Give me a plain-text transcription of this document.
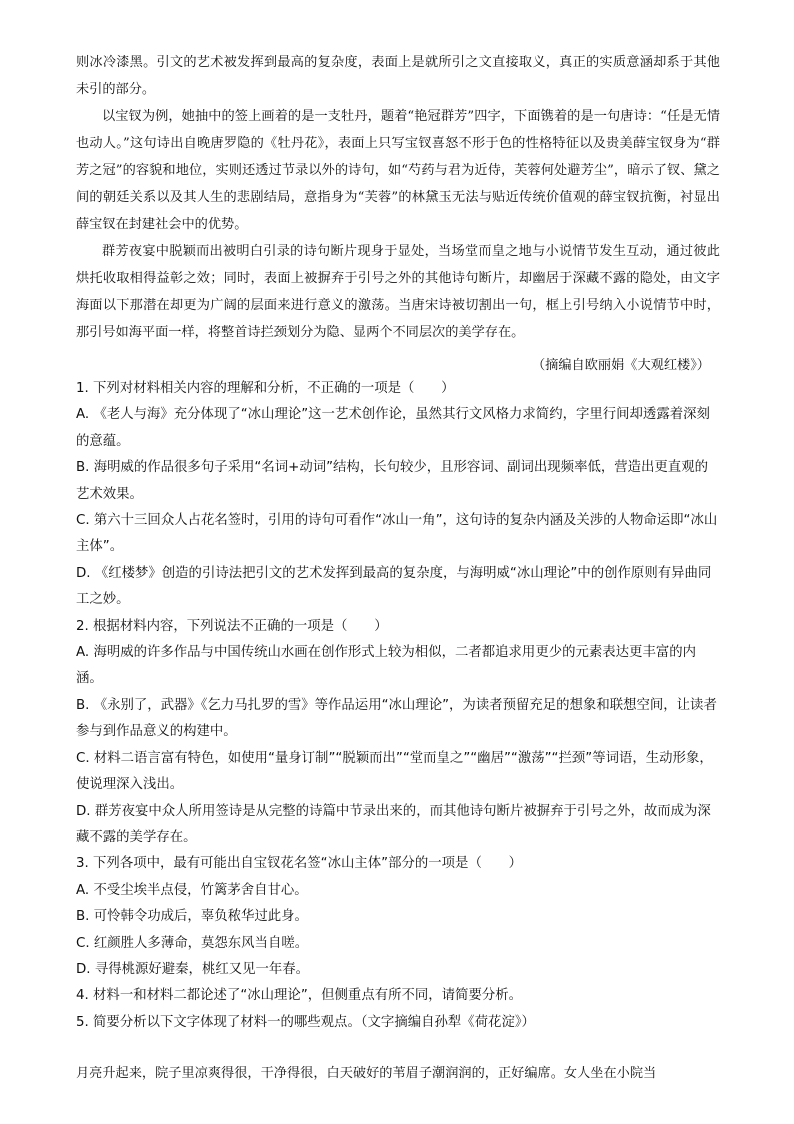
则冰冷漆黑。引文的艺术被发挥到最高的复杂度，表面上是就所引之文直接取义，真正的实质意涵却系于其他未引的部分。

以宝钗为例，她抽中的签上画着的是一支牡丹，题着“艳冠群芳”四字，下面镌着的是一句唐诗：“任是无情也动人。”这句诗出自晚唐罗隐的《牡丹花》，表面上只写宝钗喜怒不形于色的性格特征以及贵美薛宝钗身为“群芳之冠”的容貌和地位，实则还透过节录以外的诗句，如“芍药与君为近侍，芙蓉何处避芳尘”，暗示了钗、黛之间的朝廷关系以及其人生的悲剧结局，意指身为“芙蓉”的林黛玉无法与贴近传统价值观的薛宝钗抗衡，衬显出薛宝钗在封建社会中的优势。

群芳夜宴中脱颖而出被明白引录的诗句断片现身于显处，当场堂而皇之地与小说情节发生互动，通过彼此烘托收取相得益彰之效；同时，表面上被摒弃于引号之外的其他诗句断片，却幽居于深藏不露的隐处，由文字海面以下那潜在却更为广阔的层面来进行意义的激荡。当唐宋诗被切割出一句，框上引号纳入小说情节中时，那引号如海平面一样，将整首诗拦颈划分为隐、显两个不同层次的美学存在。

（摘编自欧丽娟《大观红楼》）

1. 下列对材料相关内容的理解和分析，不正确的一项是（　　）

A. 《老人与海》充分体现了“冰山理论”这一艺术创作论，虽然其行文风格力求简约，字里行间却透露着深刻的意蕴。

B. 海明威的作品很多句子采用“名词+动词”结构，长句较少，且形容词、副词出现频率低，营造出更直观的艺术效果。

C. 第六十三回众人占花名签时，引用的诗句可看作“冰山一角”，这句诗的复杂内涵及关涉的人物命运即“冰山主体”。

D. 《红楼梦》创造的引诗法把引文的艺术发挥到最高的复杂度，与海明威“冰山理论”中的创作原则有异曲同工之妙。

2. 根据材料内容，下列说法不正确的一项是（　　）

A. 海明威的许多作品与中国传统山水画在创作形式上较为相似，二者都追求用更少的元素表达更丰富的内涵。

B. 《永别了，武器》《乞力马扎罗的雪》等作品运用“冰山理论”，为读者预留充足的想象和联想空间，让读者参与到作品意义的构建中。

C. 材料二语言富有特色，如使用“量身订制”“脱颖而出”“堂而皇之”“幽居”“激荡”“拦颈”等词语，生动形象，使说理深入浅出。

D. 群芳夜宴中众人所用签诗是从完整的诗篇中节录出来的，而其他诗句断片被摒弃于引号之外，故而成为深藏不露的美学存在。

3. 下列各项中，最有可能出自宝钗花名签“冰山主体”部分的一项是（　　）

A. 不受尘埃半点侵，竹篱茅舍自甘心。

B. 可怜韩令功成后，辜负秾华过此身。

C. 红颜胜人多薄命，莫怨东风当自嗟。

D. 寻得桃源好避秦，桃红又见一年春。

4. 材料一和材料二都论述了“冰山理论”，但侧重点有所不同，请简要分析。

5. 简要分析以下文字体现了材料一的哪些观点。（文字摘编自孙犁《荷花淀》）

月亮升起来，院子里凉爽得很，干净得很，白天破好的苇眉子潮润润的，正好编席。女人坐在小院当
